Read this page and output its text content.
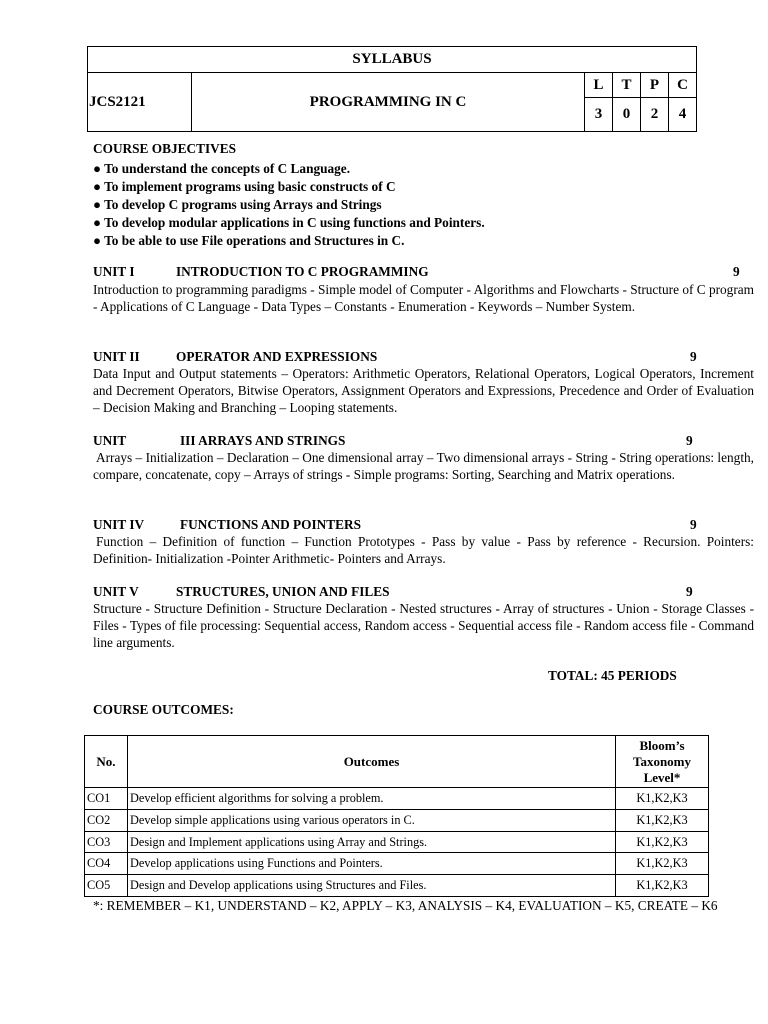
SYLLABUS					
JCS2121	PROGRAMMING IN C	L	T	P	C
		3	0	2	4
COURSE OBJECTIVES
● To understand the concepts of C Language.
● To implement programs using basic constructs of C
● To develop C programs using Arrays and Strings
● To develop modular applications in C using functions and Pointers.
● To be able to use File operations and Structures in C.
UNIT I	INTRODUCTION TO C PROGRAMMING	9
Introduction to programming paradigms - Simple model of Computer - Algorithms and Flowcharts - Structure of C program - Applications of C Language - Data Types – Constants - Enumeration - Keywords – Number System.
UNIT II	OPERATOR AND EXPRESSIONS	9
Data Input and Output statements – Operators: Arithmetic Operators, Relational Operators, Logical Operators, Increment and Decrement Operators, Bitwise Operators, Assignment Operators and Expressions, Precedence and Order of Evaluation – Decision Making and Branching – Looping statements.
UNIT	III ARRAYS AND STRINGS	9
Arrays – Initialization – Declaration – One dimensional array – Two dimensional arrays - String - String operations: length, compare, concatenate, copy – Arrays of strings - Simple programs: Sorting, Searching and Matrix operations.
UNIT IV	FUNCTIONS AND POINTERS	9
Function – Definition of function – Function Prototypes - Pass by value - Pass by reference - Recursion. Pointers: Definition- Initialization -Pointer Arithmetic- Pointers and Arrays.
UNIT V	STRUCTURES, UNION AND FILES	9
Structure - Structure Definition - Structure Declaration - Nested structures - Array of structures - Union - Storage Classes - Files - Types of file processing: Sequential access, Random access - Sequential access file - Random access file - Command line arguments.
TOTAL: 45 PERIODS
COURSE OUTCOMES:
No.	Outcomes	Bloom’s Taxonomy Level*
CO1	Develop efficient algorithms for solving a problem.	K1,K2,K3
CO2	Develop simple applications using various operators in C.	K1,K2,K3
CO3	Design and Implement applications using Array and Strings.	K1,K2,K3
CO4	Develop applications using Functions and Pointers.	K1,K2,K3
CO5	Design and Develop applications using Structures and Files.	K1,K2,K3
*: REMEMBER – K1, UNDERSTAND – K2, APPLY – K3, ANALYSIS – K4, EVALUATION – K5, CREATE – K6
